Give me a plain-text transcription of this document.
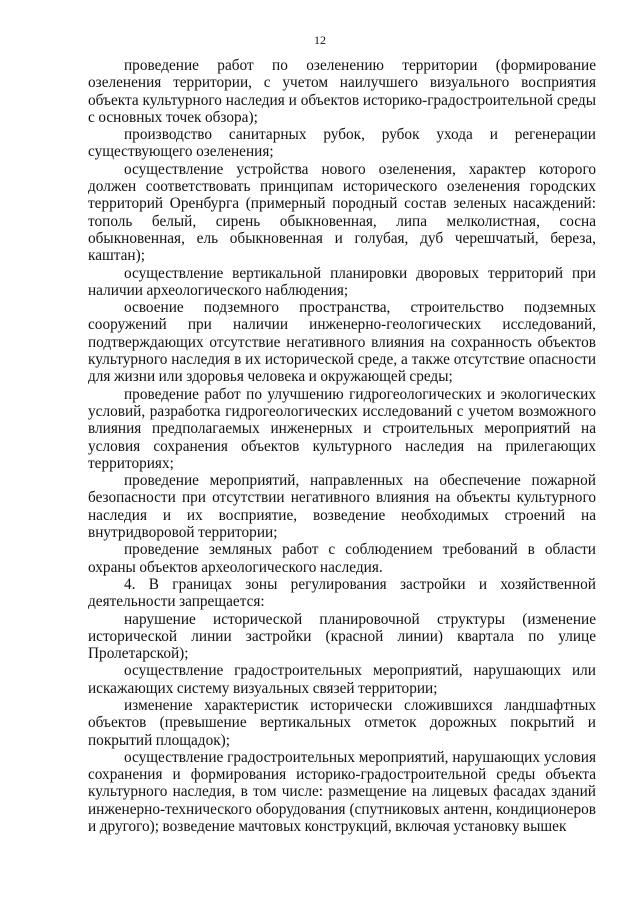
12

проведение работ по озеленению территории (формирование озеленения территории, с учетом наилучшего визуального восприятия объекта культурного наследия и объектов историко-градостроительной среды с основных точек обзора);

производство санитарных рубок, рубок ухода и регенерации существующего озеленения;

осуществление устройства нового озеленения, характер которого должен соответствовать принципам исторического озеленения городских территорий Оренбурга (примерный породный состав зеленых насаждений: тополь белый, сирень обыкновенная, липа мелколистная, сосна обыкновенная, ель обыкновенная и голубая, дуб черешчатый, береза, каштан);

осуществление вертикальной планировки дворовых территорий при наличии археологического наблюдения;

освоение подземного пространства, строительство подземных сооружений при наличии инженерно-геологических исследований, подтверждающих отсутствие негативного влияния на сохранность объектов культурного наследия в их исторической среде, а также отсутствие опасности для жизни или здоровья человека и окружающей среды;

проведение работ по улучшению гидрогеологических и экологических условий, разработка гидрогеологических исследований с учетом возможного влияния предполагаемых инженерных и строительных мероприятий на условия сохранения объектов культурного наследия на прилегающих территориях;

проведение мероприятий, направленных на обеспечение пожарной безопасности при отсутствии негативного влияния на объекты культурного наследия и их восприятие, возведение необходимых строений на внутридворовой территории;

проведение земляных работ с соблюдением требований в области охраны объектов археологического наследия.

4. В границах зоны регулирования застройки и хозяйственной деятельности запрещается:

нарушение исторической планировочной структуры (изменение исторической линии застройки (красной линии) квартала по улице Пролетарской);

осуществление градостроительных мероприятий, нарушающих или искажающих систему визуальных связей территории;

изменение характеристик исторически сложившихся ландшафтных объектов (превышение вертикальных отметок дорожных покрытий и покрытий площадок);

осуществление градостроительных мероприятий, нарушающих условия сохранения и формирования историко-градостроительной среды объекта культурного наследия, в том числе: размещение на лицевых фасадах зданий инженерно-технического оборудования (спутниковых антенн, кондиционеров и другого); возведение мачтовых конструкций, включая установку вышек
